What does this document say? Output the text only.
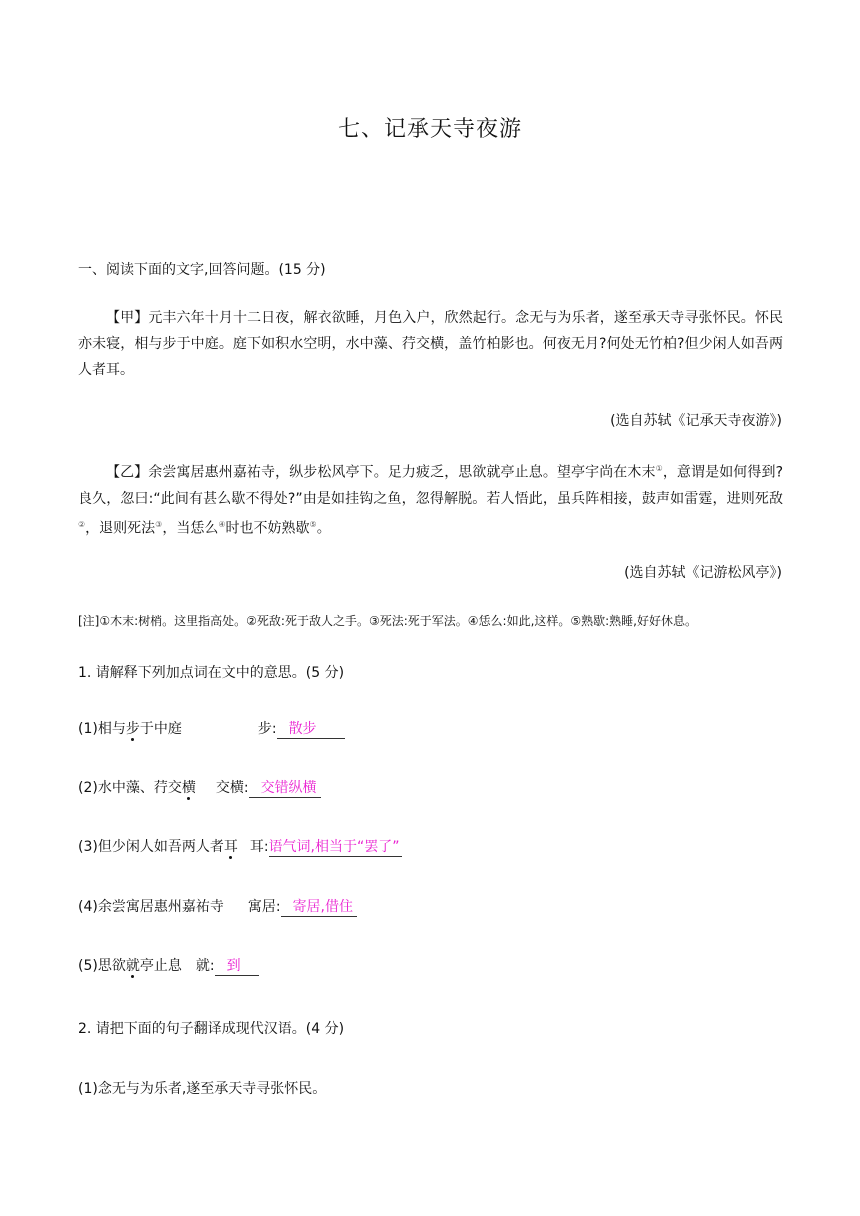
七、记承天寺夜游
一、阅读下面的文字,回答问题。(15 分)
【甲】元丰六年十月十二日夜，解衣欲睡，月色入户，欣然起行。念无与为乐者，遂至承天寺寻张怀民。怀民亦未寝，相与步于中庭。庭下如积水空明，水中藻、荇交横，盖竹柏影也。何夜无月?何处无竹柏?但少闲人如吾两人者耳。
(选自苏轼《记承天寺夜游》)
【乙】余尝寓居惠州嘉祐寺，纵步松风亭下。足力疲乏，思欲就亭止息。望亭宇尚在木末①，意谓是如何得到?良久，忽曰:“此间有甚么歇不得处?”由是如挂钩之鱼，忽得解脱。若人悟此，虽兵阵相接，鼓声如雷霆，进则死敌②，退则死法③，当恁么④时也不妨熟歇⑤。
(选自苏轼《记游松风亭》)
[注]①木末:树梢。这里指高处。②死敌:死于敌人之手。③死法:死于军法。④恁么:如此,这样。⑤熟歇:熟睡,好好休息。
1. 请解释下列加点词在文中的意思。(5 分)
(1)相与步于中庭	步: 散步
(2)水中藻、荇交横 交横: 交错纵横
(3)但少闲人如吾两人者耳 耳:语气词,相当于“罢了”
(4)余尝寓居惠州嘉祐寺 寓居: 寄居,借住
(5)思欲就亭止息 就: 到
2. 请把下面的句子翻译成现代汉语。(4 分)
(1)念无与为乐者,遂至承天寺寻张怀民。
